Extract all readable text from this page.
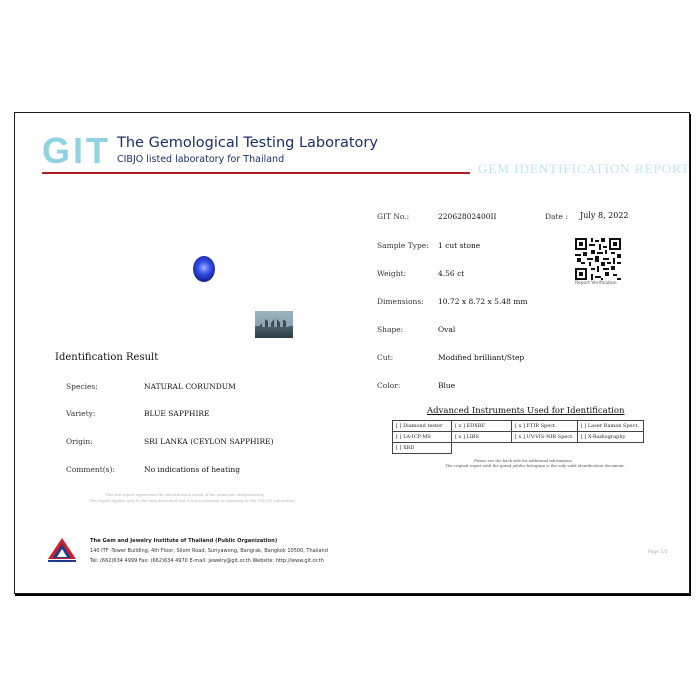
GIT The Gemological Testing Laboratory
CIBJO listed laboratory for Thailand
GEM IDENTIFICATION REPORT
GIT No.:	22062802400II	Date : July 8, 2022
Sample Type: 1 cut stone
Weight:	4.56 ct
Dimensions: 10.72 x 8.72 x 5.48 mm
Shape:	Oval
Cut:	Modified brilliant/Step
Color:	Blue
Report Verification
Identification Result
Species:	NATURAL CORUNDUM
Variety:	BLUE SAPPHIRE
Origin:	SRI LANKA (CEYLON SAPPHIRE)
Comment(s):	No indications of heating
This test report represents the identification result of the gemstone independently
This report applies only to the item described and is not a valuation or warranty of the GIT-CIS Laboratory
Advanced Instruments Used for Identification
[ ] Diamond tester	[ x ] EDXRF	[ x ] FTIR Spect.	[ ] Laser Raman Spect.
[ ] LA-ICP-MS	[ x ] LIBS	[ x ] UV-VIS-NIR Spect.	[ ] X-Radiography
[ ] XRD			
Please see the back side for additional information
The original report with the grand jubilee hologram is the only valid identification document.
The Gem and Jewelry Institute of Thailand (Public Organization)
140 ITF -Tower Building, 4th Floor, Silom Road, Suriyawong, Bangrak, Bangkok 10500, Thailand
Tel: (662)634 4999 Fax: (662)634 4970 E-mail: jewelry@git.or.th Website: http://www.git.or.th
Page 1/2
